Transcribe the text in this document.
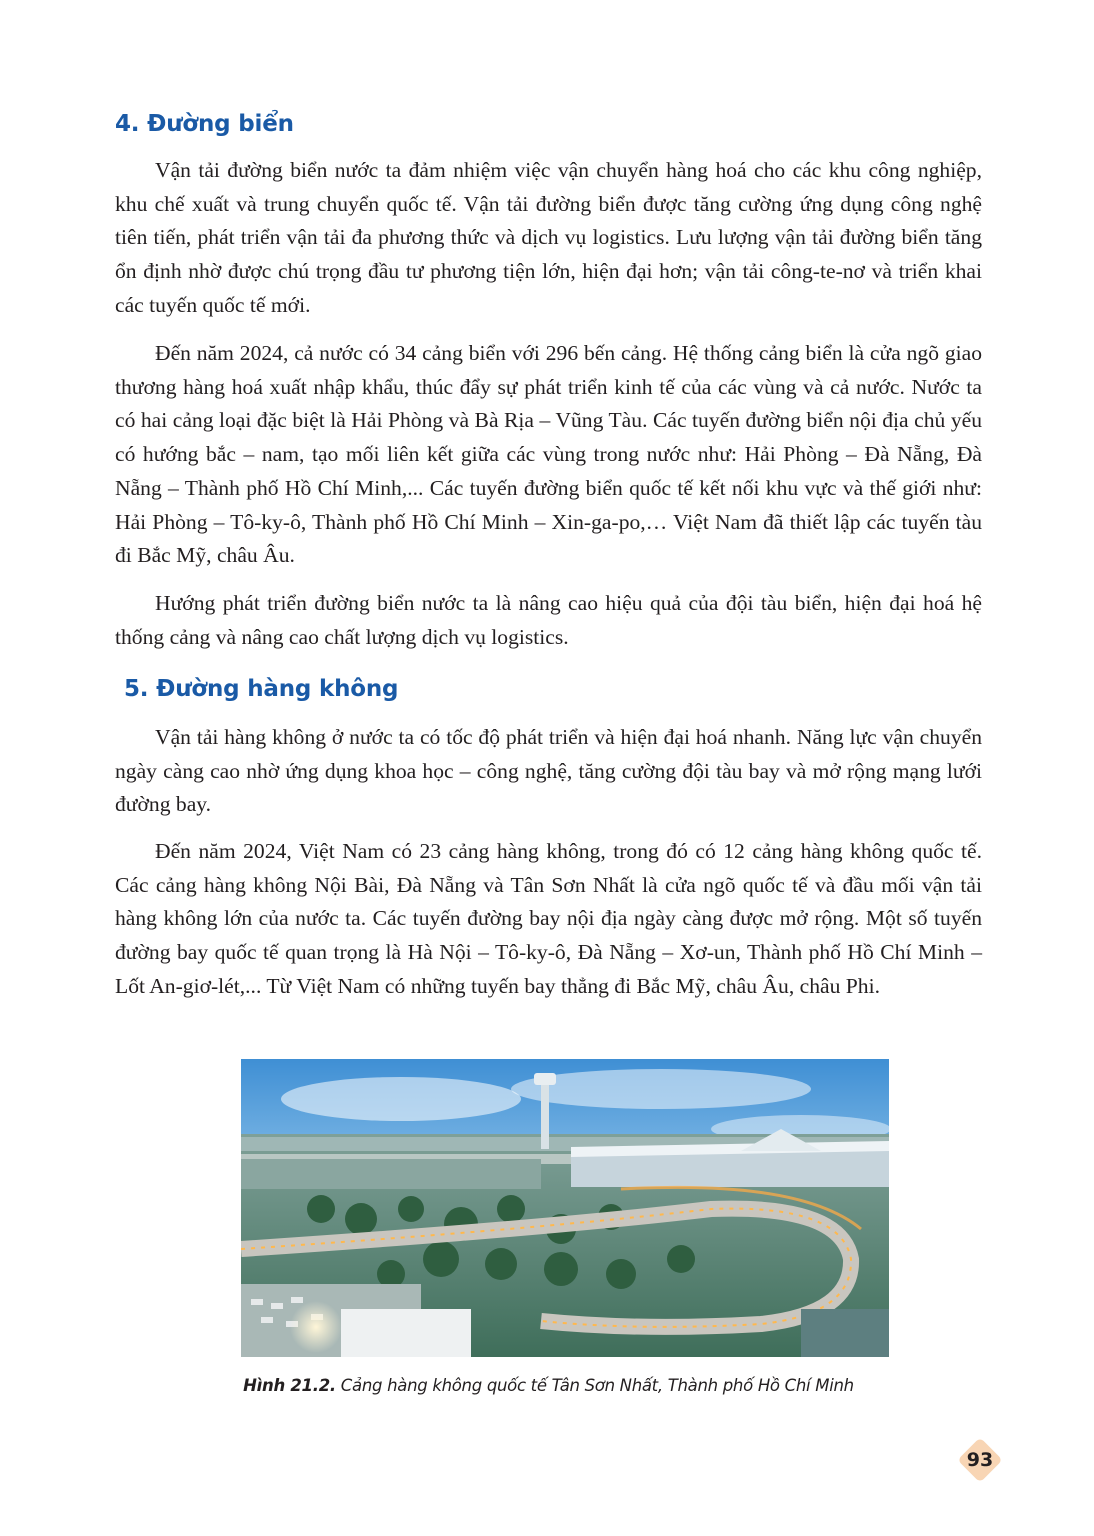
4. Đường biển

Vận tải đường biển nước ta đảm nhiệm việc vận chuyển hàng hoá cho các khu công nghiệp, khu chế xuất và trung chuyển quốc tế. Vận tải đường biển được tăng cường ứng dụng công nghệ tiên tiến, phát triển vận tải đa phương thức và dịch vụ logistics. Lưu lượng vận tải đường biển tăng ổn định nhờ được chú trọng đầu tư phương tiện lớn, hiện đại hơn; vận tải công-te-nơ và triển khai các tuyến quốc tế mới.

Đến năm 2024, cả nước có 34 cảng biển với 296 bến cảng. Hệ thống cảng biển là cửa ngõ giao thương hàng hoá xuất nhập khẩu, thúc đẩy sự phát triển kinh tế của các vùng và cả nước. Nước ta có hai cảng loại đặc biệt là Hải Phòng và Bà Rịa – Vũng Tàu. Các tuyến đường biển nội địa chủ yếu có hướng bắc – nam, tạo mối liên kết giữa các vùng trong nước như: Hải Phòng – Đà Nẵng, Đà Nẵng – Thành phố Hồ Chí Minh,... Các tuyến đường biển quốc tế kết nối khu vực và thế giới như: Hải Phòng – Tô-ky-ô, Thành phố Hồ Chí Minh – Xin-ga-po,… Việt Nam đã thiết lập các tuyến tàu đi Bắc Mỹ, châu Âu.

Hướng phát triển đường biển nước ta là nâng cao hiệu quả của đội tàu biển, hiện đại hoá hệ thống cảng và nâng cao chất lượng dịch vụ logistics.

5. Đường hàng không

Vận tải hàng không ở nước ta có tốc độ phát triển và hiện đại hoá nhanh. Năng lực vận chuyển ngày càng cao nhờ ứng dụng khoa học – công nghệ, tăng cường đội tàu bay và mở rộng mạng lưới đường bay.

Đến năm 2024, Việt Nam có 23 cảng hàng không, trong đó có 12 cảng hàng không quốc tế. Các cảng hàng không Nội Bài, Đà Nẵng và Tân Sơn Nhất là cửa ngõ quốc tế và đầu mối vận tải hàng không lớn của nước ta. Các tuyến đường bay nội địa ngày càng được mở rộng. Một số tuyến đường bay quốc tế quan trọng là Hà Nội – Tô-ky-ô, Đà Nẵng – Xơ-un, Thành phố Hồ Chí Minh – Lốt An-giơ-lét,... Từ Việt Nam có những tuyến bay thẳng đi Bắc Mỹ, châu Âu, châu Phi.

Hình 21.2. Cảng hàng không quốc tế Tân Sơn Nhất, Thành phố Hồ Chí Minh
93
